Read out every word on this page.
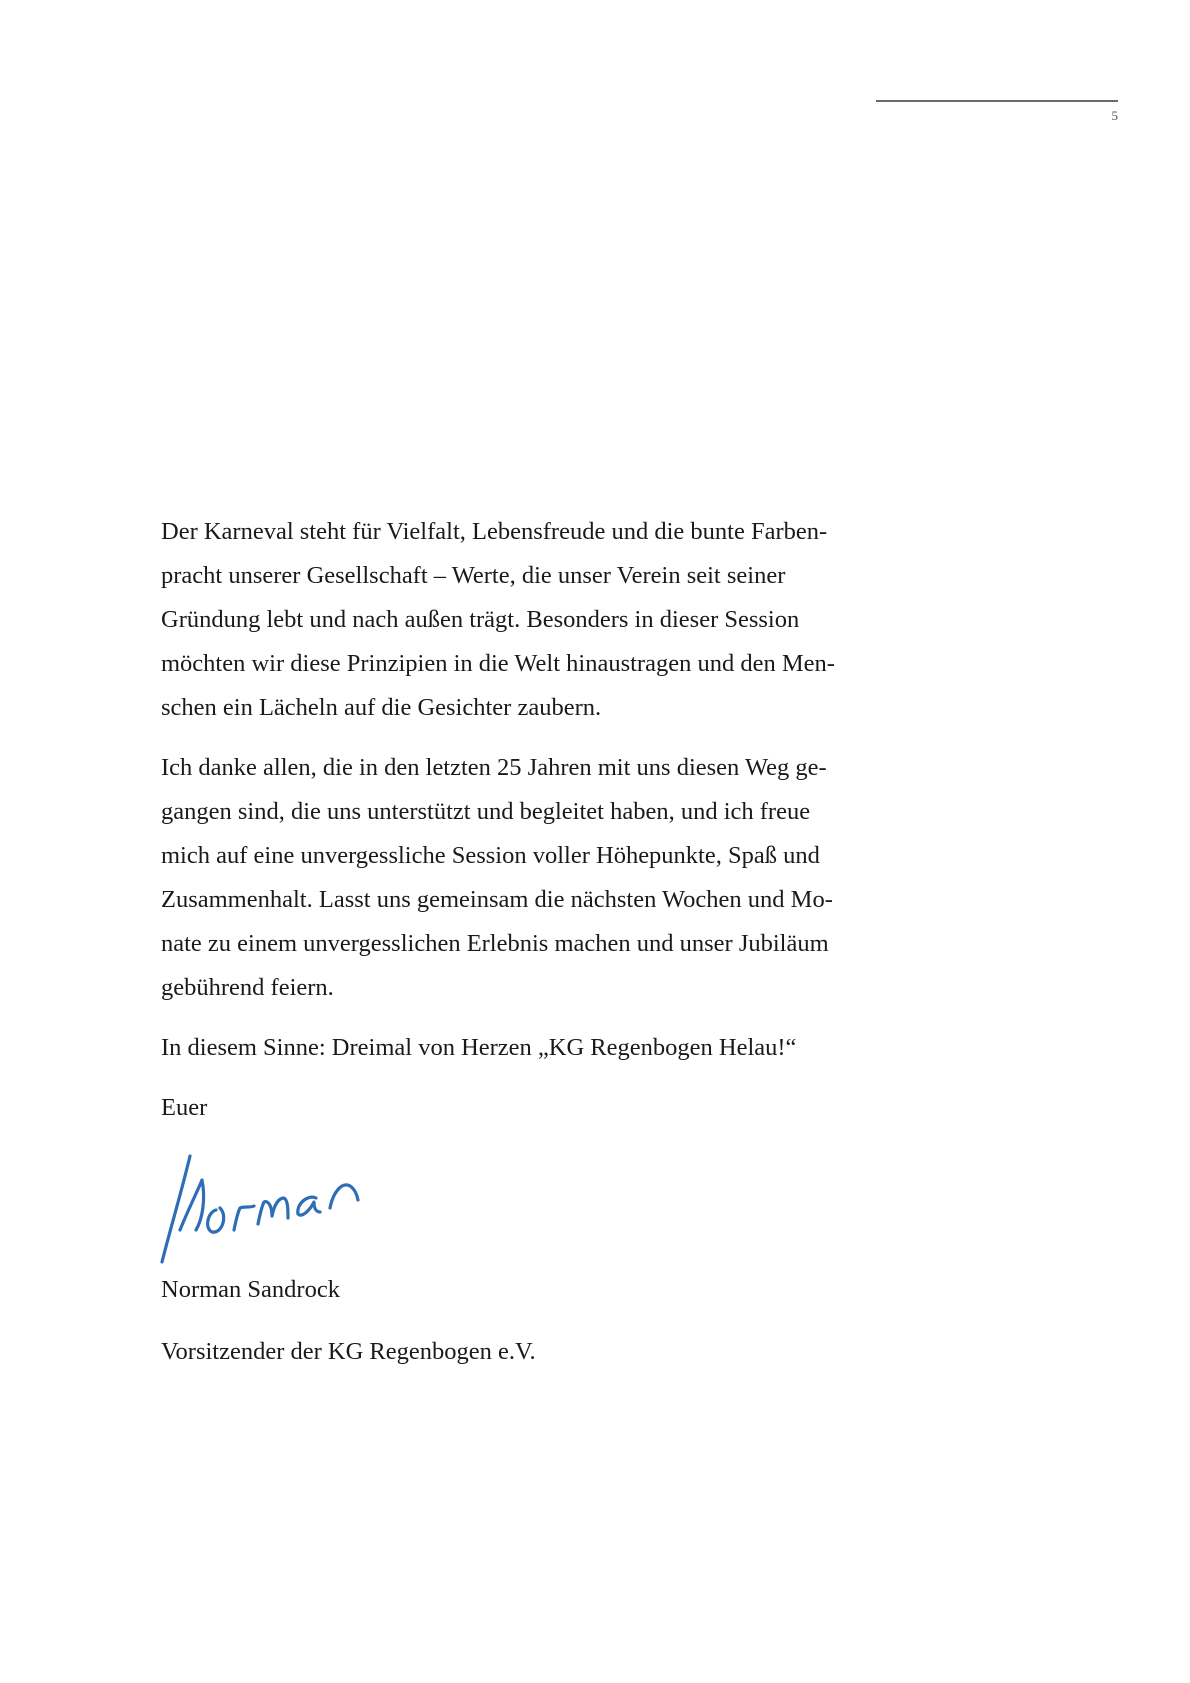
5

Der Karneval steht für Vielfalt, Lebensfreude und die bunte Farben-
pracht unserer Gesellschaft – Werte, die unser Verein seit seiner
Gründung lebt und nach außen trägt. Besonders in dieser Session
möchten wir diese Prinzipien in die Welt hinaustragen und den Men-
schen ein Lächeln auf die Gesichter zaubern.

Ich danke allen, die in den letzten 25 Jahren mit uns diesen Weg ge-
gangen sind, die uns unterstützt und begleitet haben, und ich freue
mich auf eine unvergessliche Session voller Höhepunkte, Spaß und
Zusammenhalt. Lasst uns gemeinsam die nächsten Wochen und Mo-
nate zu einem unvergesslichen Erlebnis machen und unser Jubiläum
gebührend feiern.

In diesem Sinne: Dreimal von Herzen „KG Regenbogen Helau!“

Euer

Norman Sandrock
Vorsitzender der KG Regenbogen e.V.
